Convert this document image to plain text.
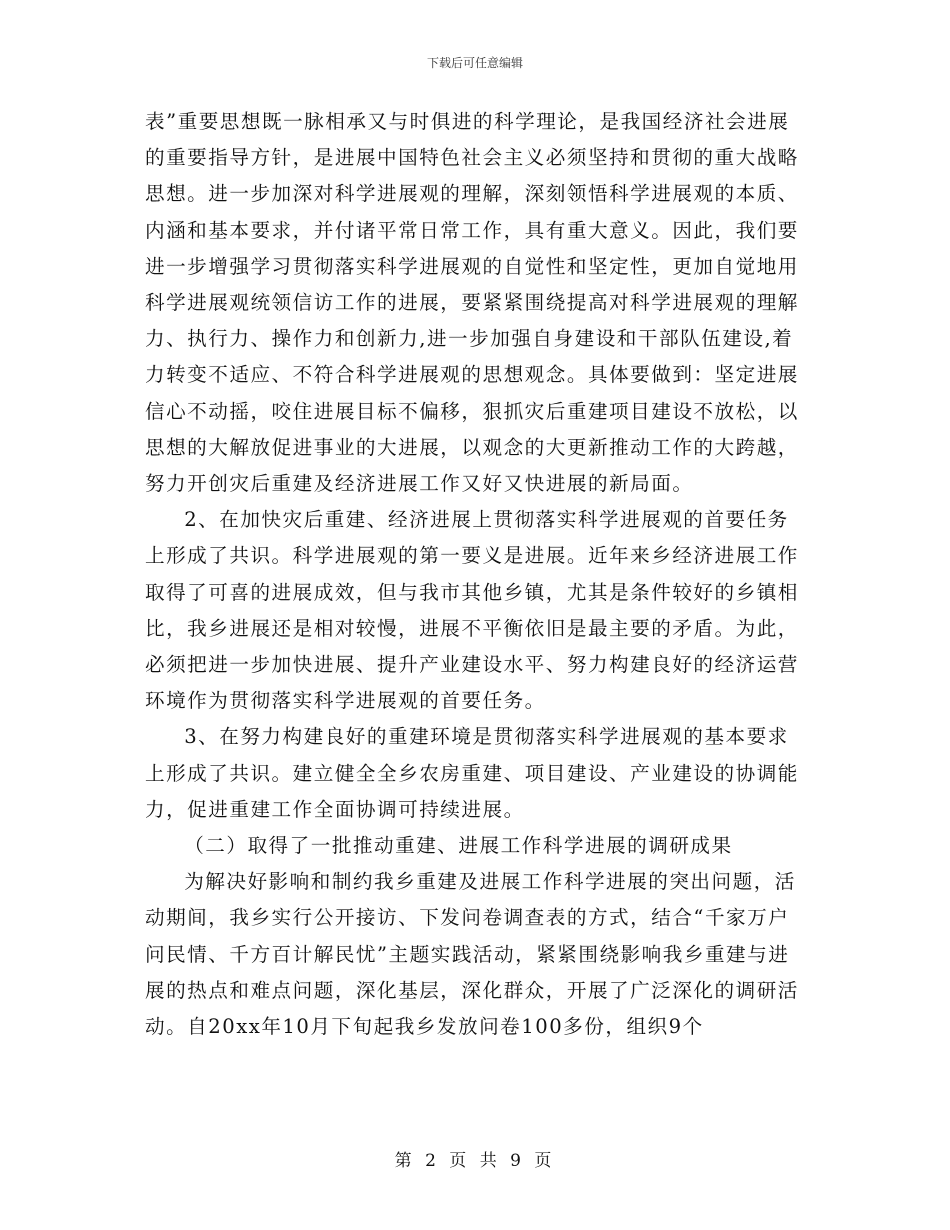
下载后可任意编辑

表”重要思想既一脉相承又与时俱进的科学理论，是我国经济社会进展的重要指导方针，是进展中国特色社会主义必须坚持和贯彻的重大战略思想。进一步加深对科学进展观的理解，深刻领悟科学进展观的本质、内涵和基本要求，并付诸平常日常工作，具有重大意义。因此，我们要进一步增强学习贯彻落实科学进展观的自觉性和坚定性，更加自觉地用科学进展观统领信访工作的进展，要紧紧围绕提高对科学进展观的理解力、执行力、操作力和创新力,进一步加强自身建设和干部队伍建设,着力转变不适应、不符合科学进展观的思想观念。具体要做到：坚定进展信心不动摇，咬住进展目标不偏移，狠抓灾后重建项目建设不放松，以思想的大解放促进事业的大进展，以观念的大更新推动工作的大跨越，努力开创灾后重建及经济进展工作又好又快进展的新局面。

2、在加快灾后重建、经济进展上贯彻落实科学进展观的首要任务上形成了共识。科学进展观的第一要义是进展。近年来乡经济进展工作取得了可喜的进展成效，但与我市其他乡镇，尤其是条件较好的乡镇相比，我乡进展还是相对较慢，进展不平衡依旧是最主要的矛盾。为此，必须把进一步加快进展、提升产业建设水平、努力构建良好的经济运营环境作为贯彻落实科学进展观的首要任务。

3、在努力构建良好的重建环境是贯彻落实科学进展观的基本要求上形成了共识。建立健全全乡农房重建、项目建设、产业建设的协调能力，促进重建工作全面协调可持续进展。

（二）取得了一批推动重建、进展工作科学进展的调研成果

为解决好影响和制约我乡重建及进展工作科学进展的突出问题，活动期间，我乡实行公开接访、下发问卷调查表的方式，结合“千家万户问民情、千方百计解民忧”主题实践活动，紧紧围绕影响我乡重建与进展的热点和难点问题，深化基层，深化群众，开展了广泛深化的调研活动。自20xx年10月下旬起我乡发放问卷100多份，组织9个

第 2 页 共 9 页
